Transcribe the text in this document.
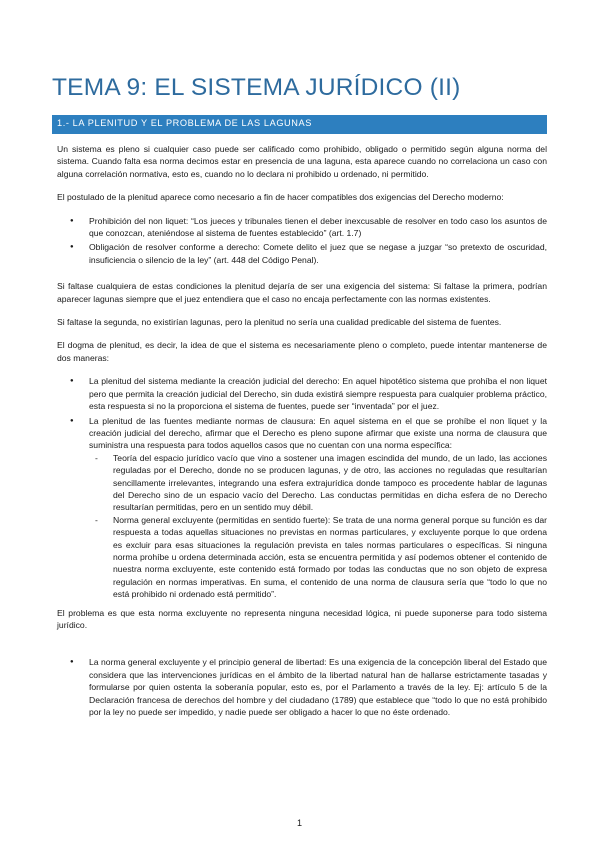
TEMA 9: EL SISTEMA JURÍDICO (II)
1.- LA PLENITUD Y EL PROBLEMA DE LAS LAGUNAS

Un sistema es pleno si cualquier caso puede ser calificado como prohibido, obligado o permitido según alguna norma del sistema. Cuando falta esa norma decimos estar en presencia de una laguna, esta aparece cuando no correlaciona un caso con alguna correlación normativa, esto es, cuando no lo declara ni prohibido u ordenado, ni permitido.

El postulado de la plenitud aparece como necesario a fin de hacer compatibles dos exigencias del Derecho moderno:

● Prohibición del non liquet: “Los jueces y tribunales tienen el deber inexcusable de resolver en todo caso los asuntos de que conozcan, ateniéndose al sistema de fuentes establecido” (art. 1.7)
● Obligación de resolver conforme a derecho: Comete delito el juez que se negase a juzgar “so pretexto de oscuridad, insuficiencia o silencio de la ley” (art. 448 del Código Penal).

Si faltase cualquiera de estas condiciones la plenitud dejaría de ser una exigencia del sistema: Si faltase la primera, podrían aparecer lagunas siempre que el juez entendiera que el caso no encaja perfectamente con las normas existentes.

Si faltase la segunda, no existirían lagunas, pero la plenitud no sería una cualidad predicable del sistema de fuentes.

El dogma de plenitud, es decir, la idea de que el sistema es necesariamente pleno o completo, puede intentar mantenerse de dos maneras:

● La plenitud del sistema mediante la creación judicial del derecho: En aquel hipotético sistema que prohíba el non liquet pero que permita la creación judicial del Derecho, sin duda existirá siempre respuesta para cualquier problema práctico, esta respuesta si no la proporciona el sistema de fuentes, puede ser “inventada” por el juez.
● La plenitud de las fuentes mediante normas de clausura: En aquel sistema en el que se prohíbe el non liquet y la creación judicial del derecho, afirmar que el Derecho es pleno supone afirmar que existe una norma de clausura que suministra una respuesta para todos aquellos casos que no cuentan con una norma específica:
- Teoría del espacio jurídico vacío que vino a sostener una imagen escindida del mundo, de un lado, las acciones reguladas por el Derecho, donde no se producen lagunas, y de otro, las acciones no reguladas que resultarían sencillamente irrelevantes, integrando una esfera extrajurídica donde tampoco es procedente hablar de lagunas del Derecho sino de un espacio vacío del Derecho. Las conductas permitidas en dicha esfera de no Derecho resultarían permitidas, pero en un sentido muy débil.
- Norma general excluyente (permitidas en sentido fuerte): Se trata de una norma general porque su función es dar respuesta a todas aquellas situaciones no previstas en normas particulares, y excluyente porque lo que ordena es excluir para esas situaciones la regulación prevista en tales normas particulares o específicas. Si ninguna norma prohíbe u ordena determinada acción, esta se encuentra permitida y así podemos obtener el contenido de nuestra norma excluyente, este contenido está formado por todas las conductas que no son objeto de expresa regulación en normas imperativas. En suma, el contenido de una norma de clausura sería que “todo lo que no está prohibido ni ordenado está permitido”.

El problema es que esta norma excluyente no representa ninguna necesidad lógica, ni puede suponerse para todo sistema jurídico.

● La norma general excluyente y el principio general de libertad: Es una exigencia de la concepción liberal del Estado que considera que las intervenciones jurídicas en el ámbito de la libertad natural han de hallarse estrictamente tasadas y formularse por quien ostenta la soberanía popular, esto es, por el Parlamento a través de la ley. Ej: artículo 5 de la Declaración francesa de derechos del hombre y del ciudadano (1789) que establece que “todo lo que no está prohibido por la ley no puede ser impedido, y nadie puede ser obligado a hacer lo que no éste ordenado.
1
